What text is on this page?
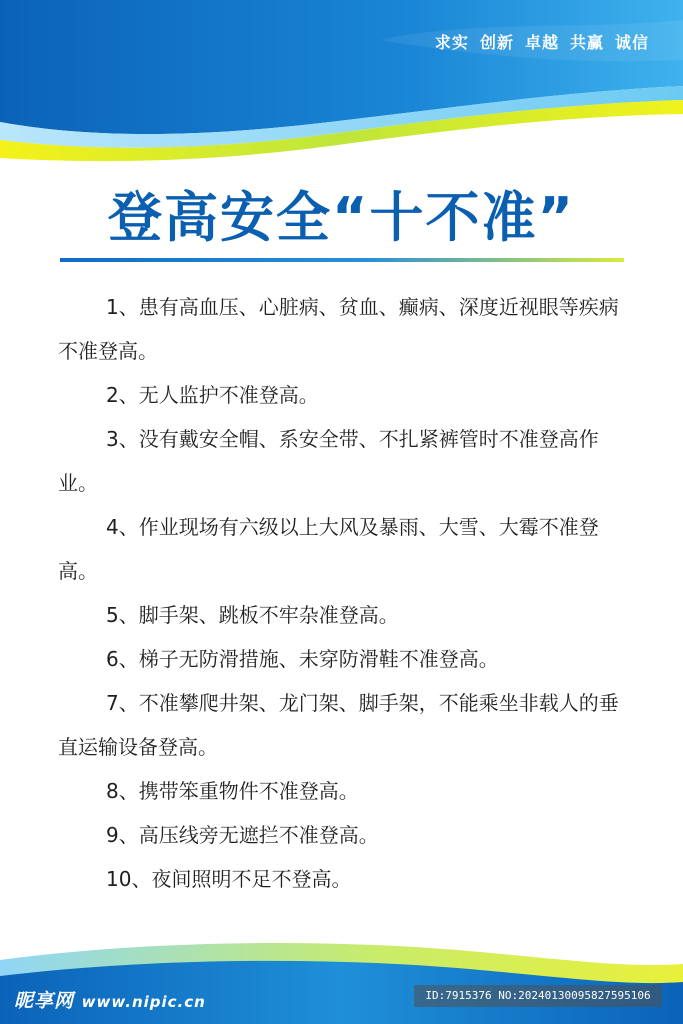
求实 创新 卓越 共赢 诚信
登高安全“十不准”

1、患有高血压、心脏病、贫血、癫病、深度近视眼等疾病不准登高。

2、无人监护不准登高。

3、没有戴安全帽、系安全带、不扎紧裤管时不准登高作业。

4、作业现场有六级以上大风及暴雨、大雪、大霉不准登高。

5、脚手架、跳板不牢杂准登高。

6、梯子无防滑措施、未穿防滑鞋不准登高。

7、不准攀爬井架、龙门架、脚手架，不能乘坐非载人的垂直运输设备登高。

8、携带笨重物件不准登高。

9、高压线旁无遮拦不准登高。

10、夜间照明不足不登高。

昵享网 www.nipic.cn	ID:7915376 NO:20240130095827595106
